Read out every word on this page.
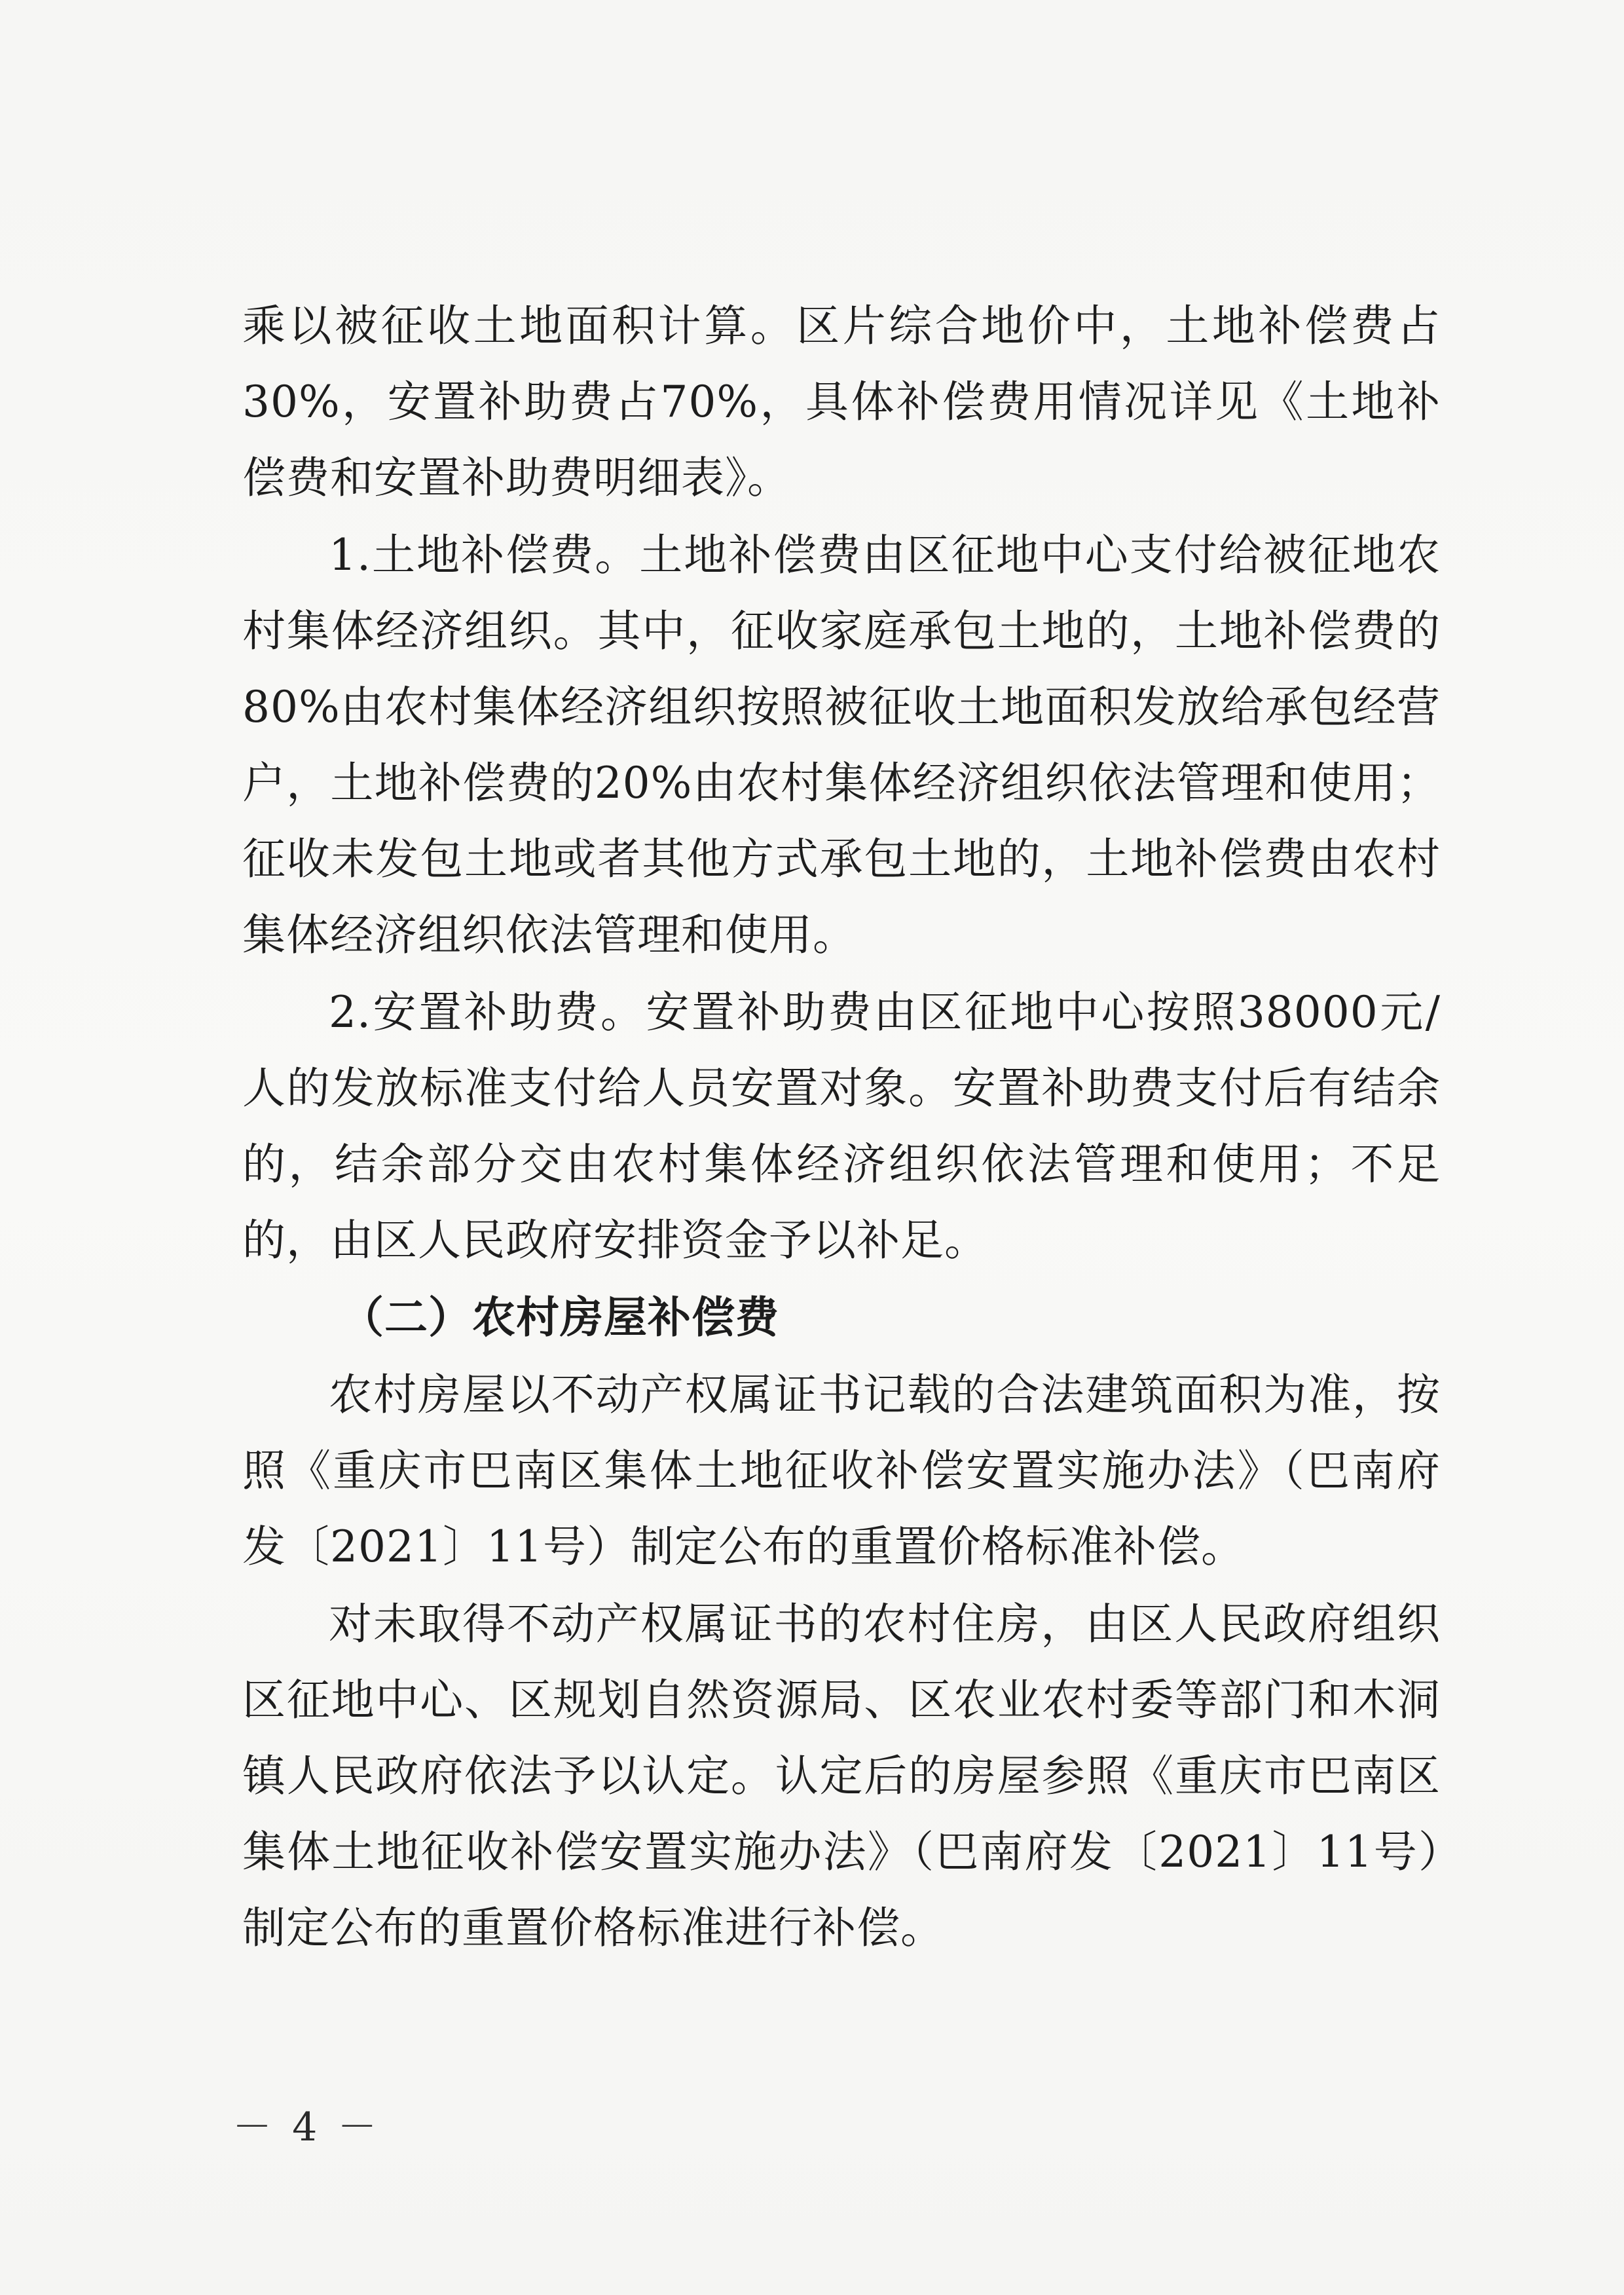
乘以被征收土地面积计算。区片综合地价中，土地补偿费占30%，安置补助费占70%，具体补偿费用情况详见《土地补偿费和安置补助费明细表》。

1.土地补偿费。土地补偿费由区征地中心支付给被征地农村集体经济组织。其中，征收家庭承包土地的，土地补偿费的80%由农村集体经济组织按照被征收土地面积发放给承包经营户，土地补偿费的20%由农村集体经济组织依法管理和使用；征收未发包土地或者其他方式承包土地的，土地补偿费由农村集体经济组织依法管理和使用。

2.安置补助费。安置补助费由区征地中心按照38000元/人的发放标准支付给人员安置对象。安置补助费支付后有结余的，结余部分交由农村集体经济组织依法管理和使用；不足的，由区人民政府安排资金予以补足。

（二）农村房屋补偿费

农村房屋以不动产权属证书记载的合法建筑面积为准，按照《重庆市巴南区集体土地征收补偿安置实施办法》（巴南府发〔2021〕11号）制定公布的重置价格标准补偿。

对未取得不动产权属证书的农村住房，由区人民政府组织区征地中心、区规划自然资源局、区农业农村委等部门和木洞镇人民政府依法予以认定。认定后的房屋参照《重庆市巴南区集体土地征收补偿安置实施办法》（巴南府发〔2021〕11号）制定公布的重置价格标准进行补偿。

－ 4 －
